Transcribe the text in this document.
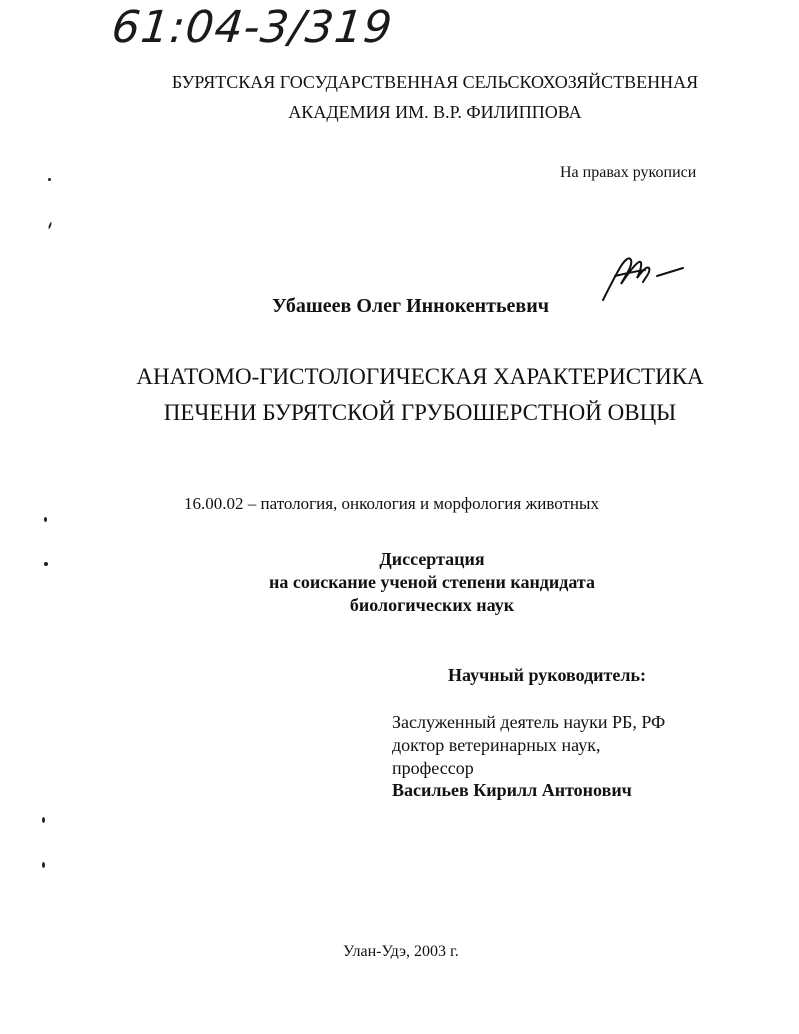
61:04-3/319
БУРЯТСКАЯ ГОСУДАРСТВЕННАЯ СЕЛЬСКОХОЗЯЙСТВЕННАЯ
АКАДЕМИЯ ИМ. В.Р. ФИЛИППОВА
На правах рукописи
Убашеев Олег Иннокентьевич
АНАТОМО-ГИСТОЛОГИЧЕСКАЯ ХАРАКТЕРИСТИКА
ПЕЧЕНИ БУРЯТСКОЙ ГРУБОШЕРСТНОЙ ОВЦЫ
16.00.02 – патология, онкология и морфология животных
Диссертация
на соискание ученой степени кандидата
биологических наук
Научный руководитель:
Заслуженный деятель науки РБ, РФ
доктор ветеринарных наук,
профессор
Васильев Кирилл Антонович
Улан-Удэ, 2003 г.
